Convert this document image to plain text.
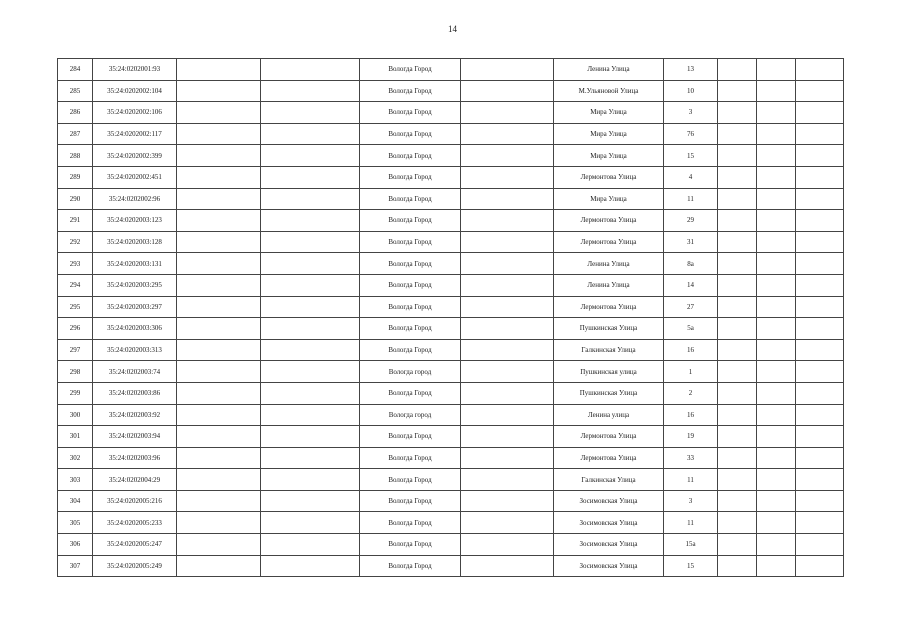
14
284	35:24:0202001:93			Вологда Город		Ленина Улица	13			
285	35:24:0202002:104			Вологда Город		М.Ульяновой Улица	10			
286	35:24:0202002:106			Вологда Город		Мира Улица	3			
287	35:24:0202002:117			Вологда Город		Мира Улица	76			
288	35:24:0202002:399			Вологда Город		Мира Улица	15			
289	35:24:0202002:451			Вологда Город		Лермонтова Улица	4			
290	35:24:0202002:96			Вологда Город		Мира Улица	11			
291	35:24:0202003:123			Вологда Город		Лермонтова Улица	29			
292	35:24:0202003:128			Вологда Город		Лермонтова Улица	31			
293	35:24:0202003:131			Вологда Город		Ленина Улица	8а			
294	35:24:0202003:295			Вологда Город		Ленина Улица	14			
295	35:24:0202003:297			Вологда Город		Лермонтова Улица	27			
296	35:24:0202003:306			Вологда Город		Пушкинская Улица	5а			
297	35:24:0202003:313			Вологда Город		Галкинская Улица	16			
298	35:24:0202003:74			Вологда город		Пушкинская улица	1			
299	35:24:0202003:86			Вологда Город		Пушкинская Улица	2			
300	35:24:0202003:92			Вологда город		Ленина улица	16			
301	35:24:0202003:94			Вологда Город		Лермонтова Улица	19			
302	35:24:0202003:96			Вологда Город		Лермонтова Улица	33			
303	35:24:0202004:29			Вологда Город		Галкинская Улица	11			
304	35:24:0202005:216			Вологда Город		Зосимовская Улица	3			
305	35:24:0202005:233			Вологда Город		Зосимовская Улица	11			
306	35:24:0202005:247			Вологда Город		Зосимовская Улица	15а			
307	35:24:0202005:249			Вологда Город		Зосимовская Улица	15			
